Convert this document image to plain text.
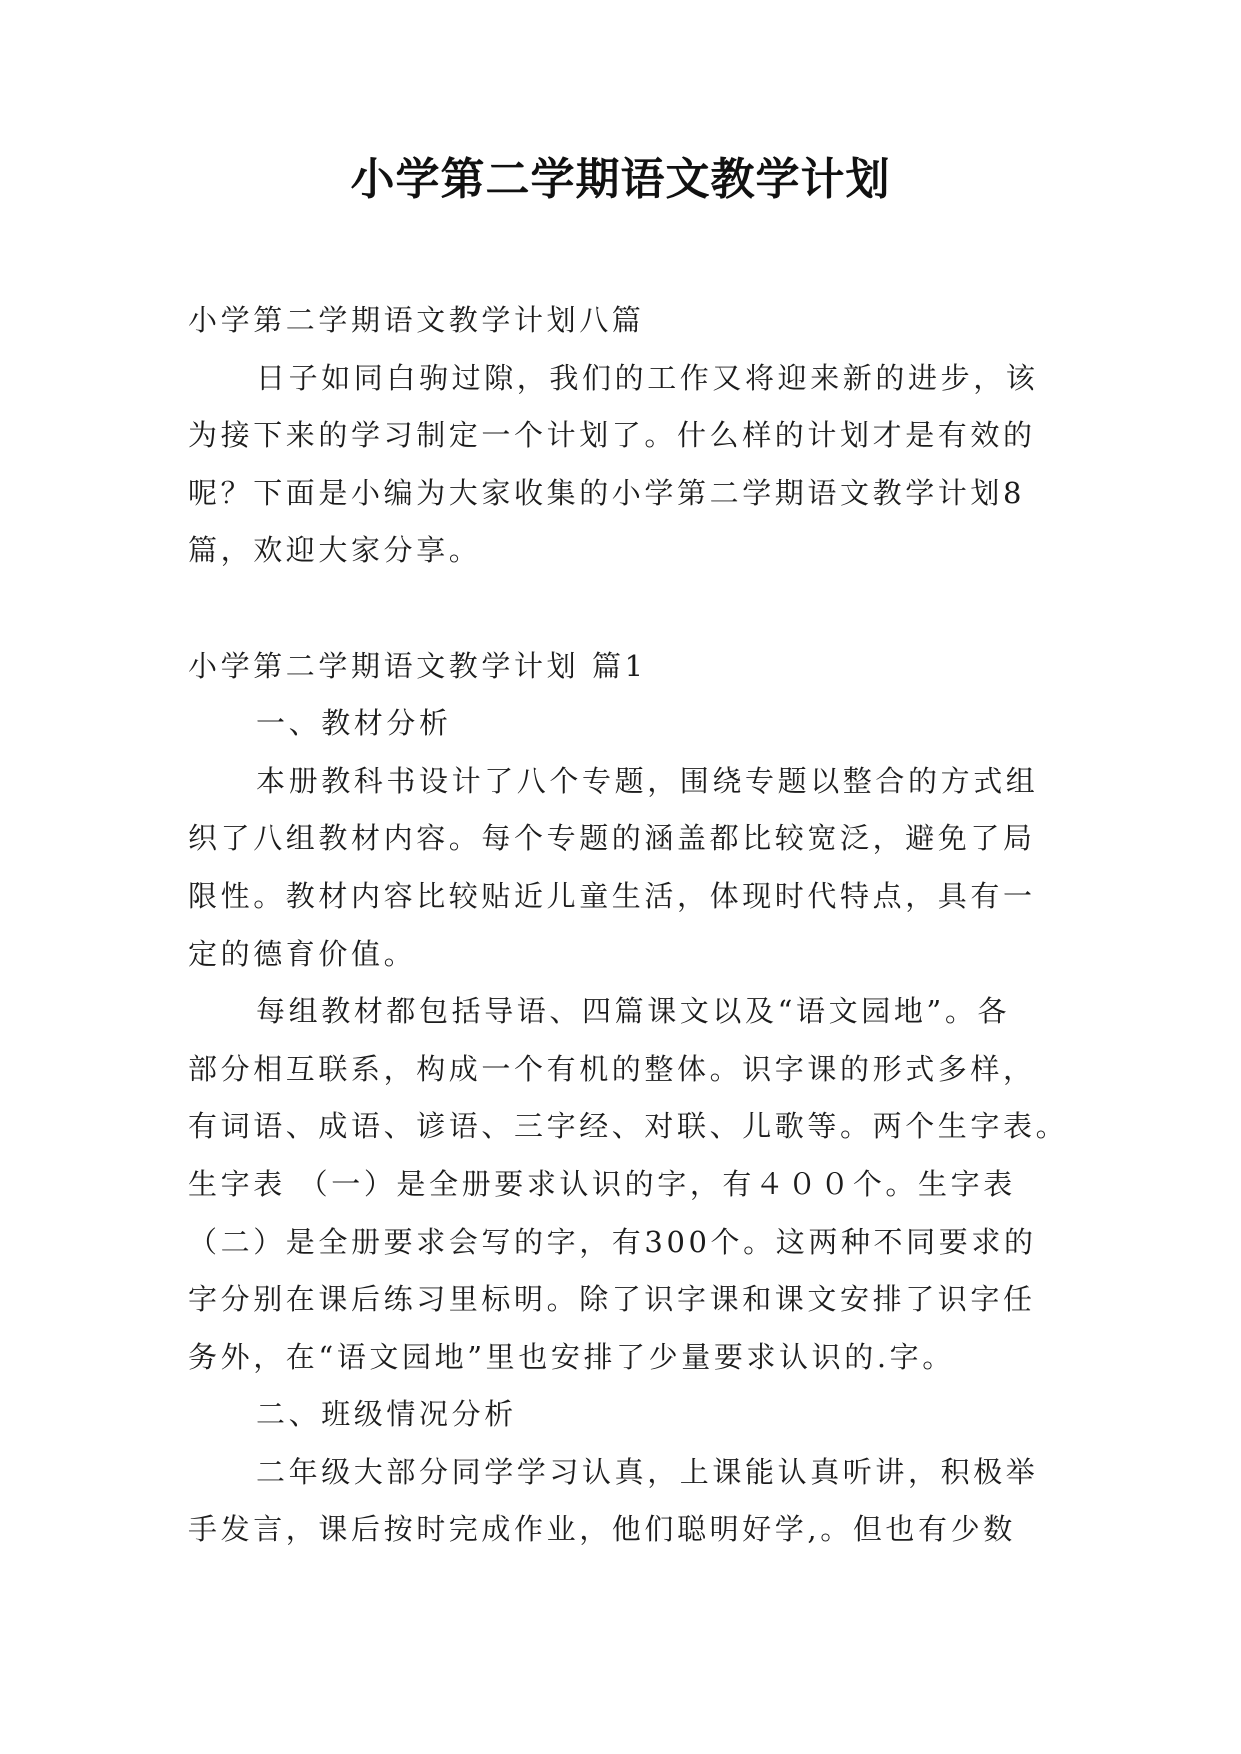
小学第二学期语文教学计划
小学第二学期语文教学计划八篇
日子如同白驹过隙，我们的工作又将迎来新的进步，该
为接下来的学习制定一个计划了。什么样的计划才是有效的
呢？下面是小编为大家收集的小学第二学期语文教学计划8
篇，欢迎大家分享。
小学第二学期语文教学计划 篇1
一、教材分析
本册教科书设计了八个专题，围绕专题以整合的方式组
织了八组教材内容。每个专题的涵盖都比较宽泛，避免了局
限性。教材内容比较贴近儿童生活，体现时代特点，具有一
定的德育价值。
每组教材都包括导语、四篇课文以及“语文园地”。各
部分相互联系，构成一个有机的整体。识字课的形式多样，
有词语、成语、谚语、三字经、对联、儿歌等。两个生字表。
生字表 （一）是全册要求认识的字，有４００个。生字表
（二）是全册要求会写的字，有300个。这两种不同要求的
字分别在课后练习里标明。除了识字课和课文安排了识字任
务外，在“语文园地”里也安排了少量要求认识的.字。
二、班级情况分析
二年级大部分同学学习认真，上课能认真听讲，积极举
手发言，课后按时完成作业，他们聪明好学,。但也有少数
